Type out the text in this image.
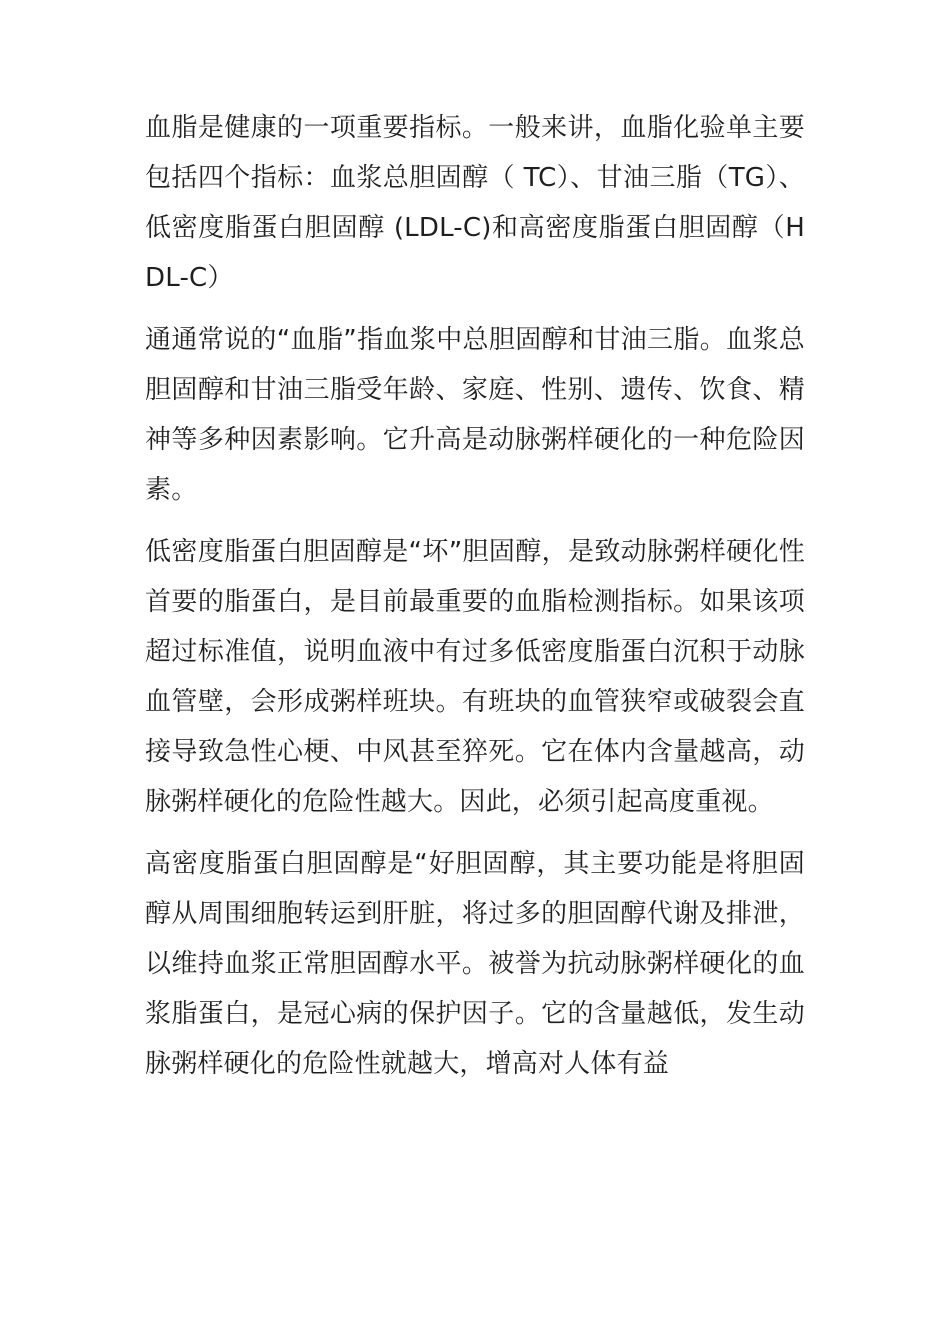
血脂是健康的一项重要指标。一般来讲，血脂化验单主要包括四个指标：血浆总胆固醇（ TC）、甘油三脂（TG）、低密度脂蛋白胆固醇 (LDL-C)和高密度脂蛋白胆固醇（HDL-C）

通通常说的“血脂”指血浆中总胆固醇和甘油三脂。血浆总胆固醇和甘油三脂受年龄、家庭、性别、遗传、饮食、精神等多种因素影响。它升高是动脉粥样硬化的一种危险因素。

低密度脂蛋白胆固醇是“坏”胆固醇，是致动脉粥样硬化性首要的脂蛋白，是目前最重要的血脂检测指标。如果该项超过标准值，说明血液中有过多低密度脂蛋白沉积于动脉血管壁，会形成粥样班块。有班块的血管狭窄或破裂会直接导致急性心梗、中风甚至猝死。它在体内含量越高，动脉粥样硬化的危险性越大。因此，必须引起高度重视。

高密度脂蛋白胆固醇是“好胆固醇，其主要功能是将胆固醇从周围细胞转运到肝脏，将过多的胆固醇代谢及排泄，以维持血浆正常胆固醇水平。被誉为抗动脉粥样硬化的血浆脂蛋白，是冠心病的保护因子。它的含量越低，发生动脉粥样硬化的危险性就越大，增高对人体有益
